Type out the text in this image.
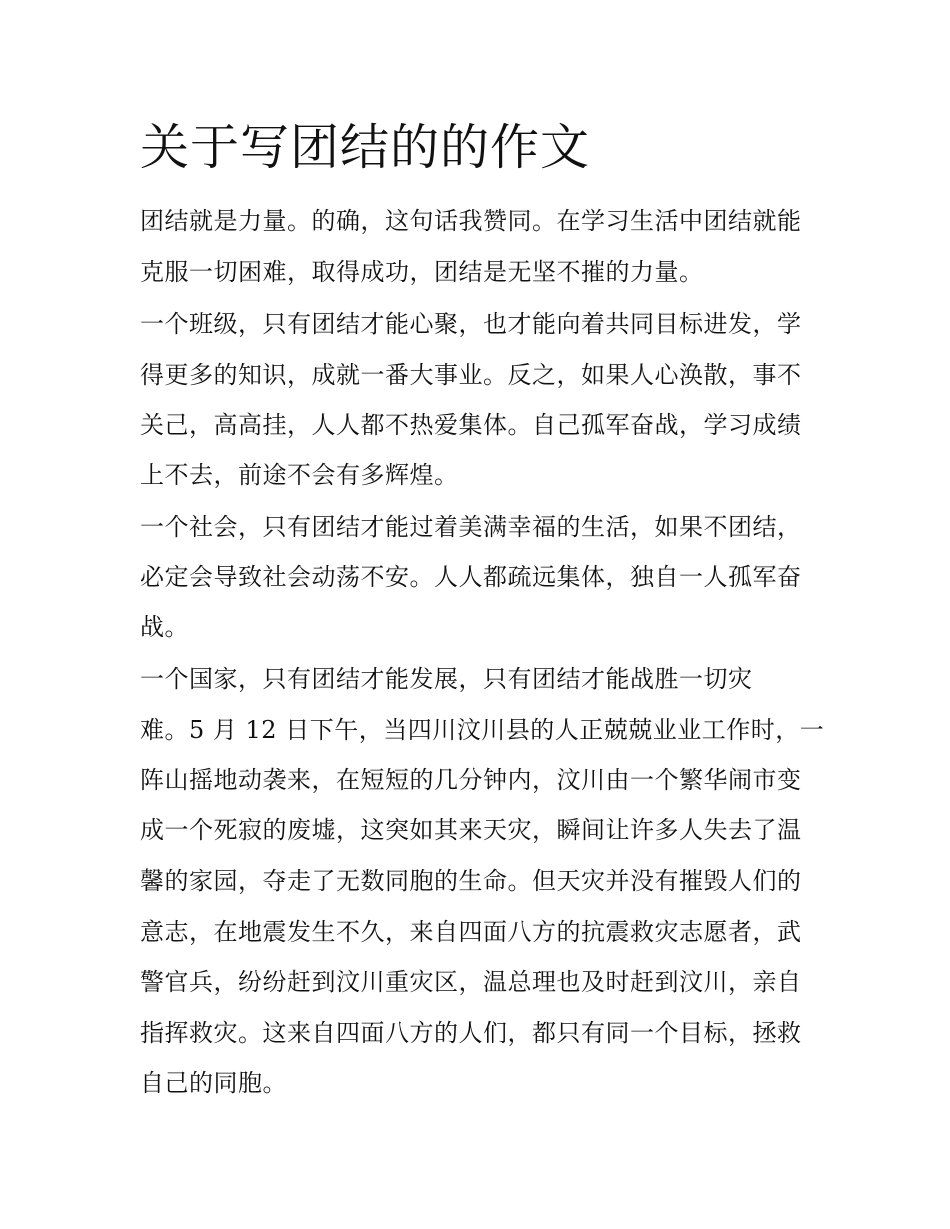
关于写团结的的作文

团结就是力量。的确，这句话我赞同。在学习生活中团结就能

克服一切困难，取得成功，团结是无坚不摧的力量。

一个班级，只有团结才能心聚，也才能向着共同目标进发，学

得更多的知识，成就一番大事业。反之，如果人心涣散，事不

关己，高高挂，人人都不热爱集体。自己孤军奋战，学习成绩

上不去，前途不会有多辉煌。

一个社会，只有团结才能过着美满幸福的生活，如果不团结，

必定会导致社会动荡不安。人人都疏远集体，独自一人孤军奋

战。

一个国家，只有团结才能发展，只有团结才能战胜一切灾

难。5 月 12 日下午，当四川汶川县的人正兢兢业业工作时，一

阵山摇地动袭来，在短短的几分钟内，汶川由一个繁华闹市变

成一个死寂的废墟，这突如其来天灾，瞬间让许多人失去了温

馨的家园，夺走了无数同胞的生命。但天灾并没有摧毁人们的

意志，在地震发生不久，来自四面八方的抗震救灾志愿者，武

警官兵，纷纷赶到汶川重灾区，温总理也及时赶到汶川，亲自

指挥救灾。这来自四面八方的人们，都只有同一个目标，拯救

自己的同胞。
